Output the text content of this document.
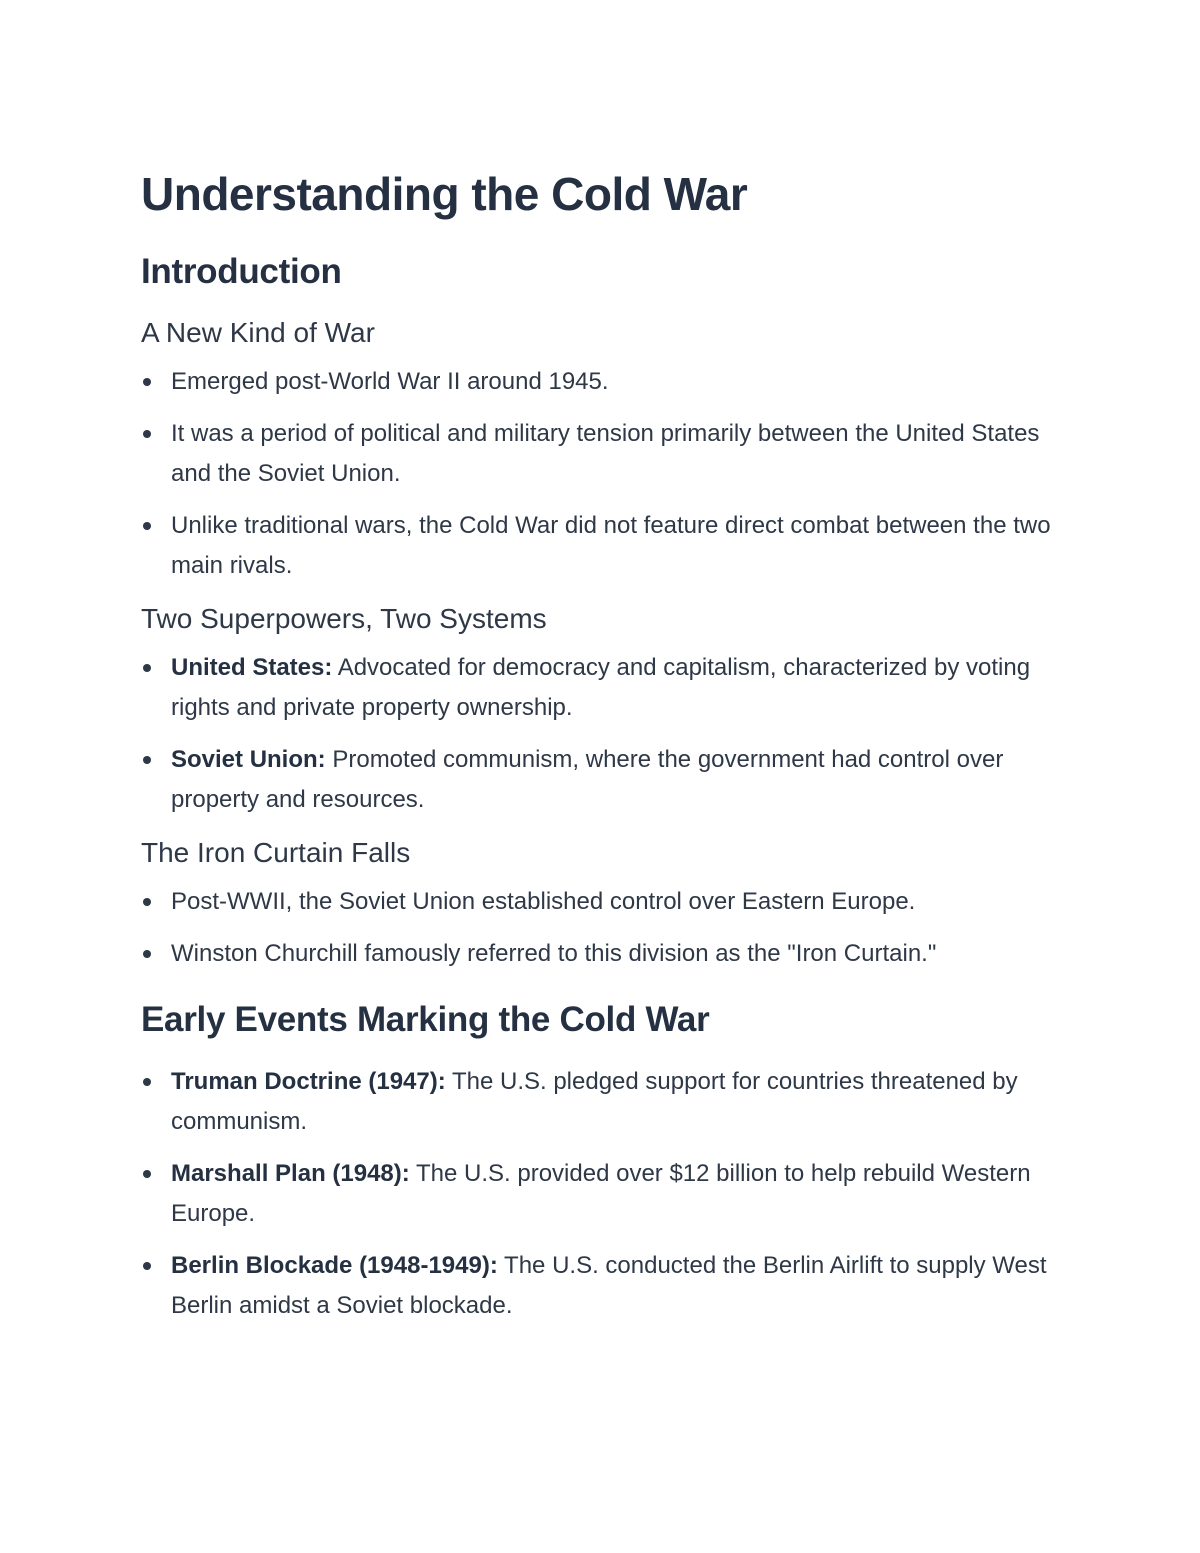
Understanding the Cold War
Introduction
A New Kind of War
Emerged post-World War II around 1945.
It was a period of political and military tension primarily between the United States and the Soviet Union.
Unlike traditional wars, the Cold War did not feature direct combat between the two main rivals.
Two Superpowers, Two Systems
United States: Advocated for democracy and capitalism, characterized by voting rights and private property ownership.
Soviet Union: Promoted communism, where the government had control over property and resources.
The Iron Curtain Falls
Post-WWII, the Soviet Union established control over Eastern Europe.
Winston Churchill famously referred to this division as the "Iron Curtain."
Early Events Marking the Cold War
Truman Doctrine (1947): The U.S. pledged support for countries threatened by communism.
Marshall Plan (1948): The U.S. provided over $12 billion to help rebuild Western Europe.
Berlin Blockade (1948-1949): The U.S. conducted the Berlin Airlift to supply West Berlin amidst a Soviet blockade.
